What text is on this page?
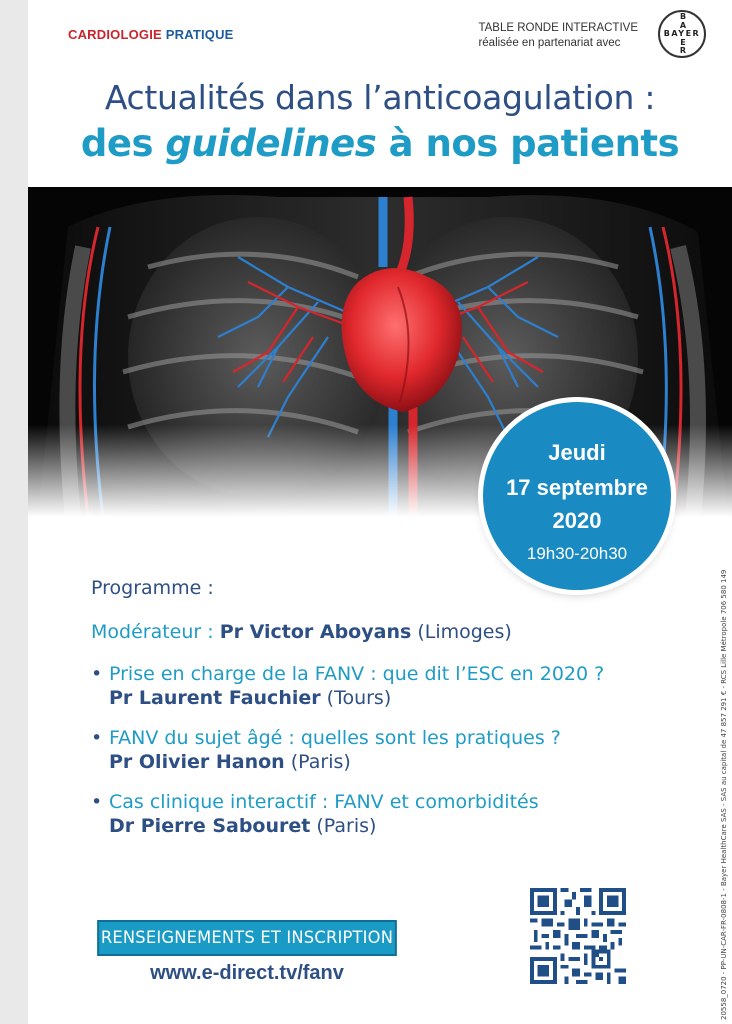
CARDIOLOGIE PRATIQUE	TABLE RONDE INTERACTIVE
réalisée en partenariat avec
BAYER
B
A

E
R
Actualités dans l’anticoagulation :
des guidelines à nos patients
Jeudi
17 septembre
2020
19h30-20h30
Programme :
Modérateur : Pr Victor Aboyans (Limoges)
• Prise en charge de la FANV : que dit l’ESC en 2020 ?
Pr Laurent Fauchier (Tours)
• FANV du sujet âgé : quelles sont les pratiques ?
Pr Olivier Hanon (Paris)
• Cas clinique interactif : FANV et comorbidités
Dr Pierre Sabouret (Paris)
RENSEIGNEMENTS ET INSCRIPTION
www.e-direct.tv/fanv	20558_0720 - PP-UN-CAR-FR-0808-1 - Bayer HealthCare SAS - SAS au capital de 47 857 291 € - RCS Lille Métropole 706 580 149
